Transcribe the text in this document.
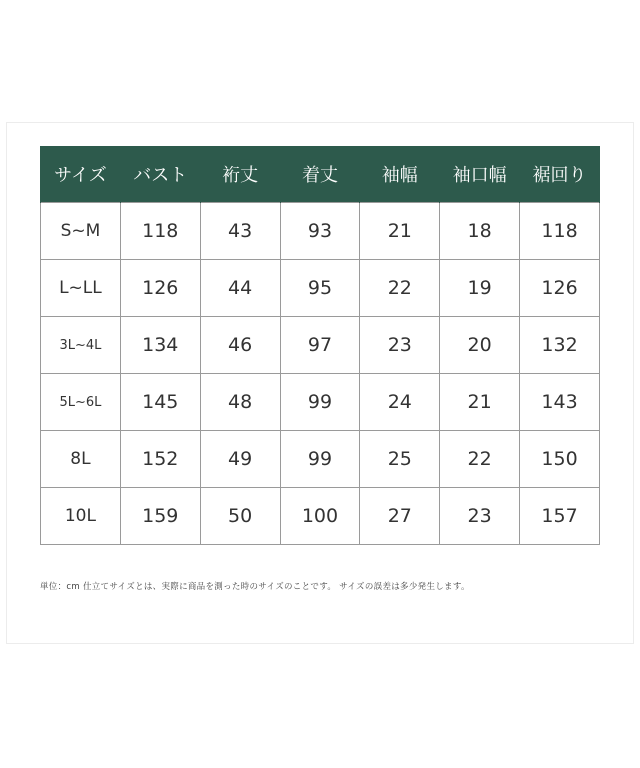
サイズ	バスト	裄丈	着丈	袖幅	袖口幅	裾回り
S~M	118	43	93	21	18	118
L~LL	126	44	95	22	19	126
3L~4L	134	46	97	23	20	132
5L~6L	145	48	99	24	21	143
8L	152	49	99	25	22	150
10L	159	50	100	27	23	157
単位：cm 仕立てサイズとは、実際に商品を測った時のサイズのことです。 サイズの誤差は多少発生します。
